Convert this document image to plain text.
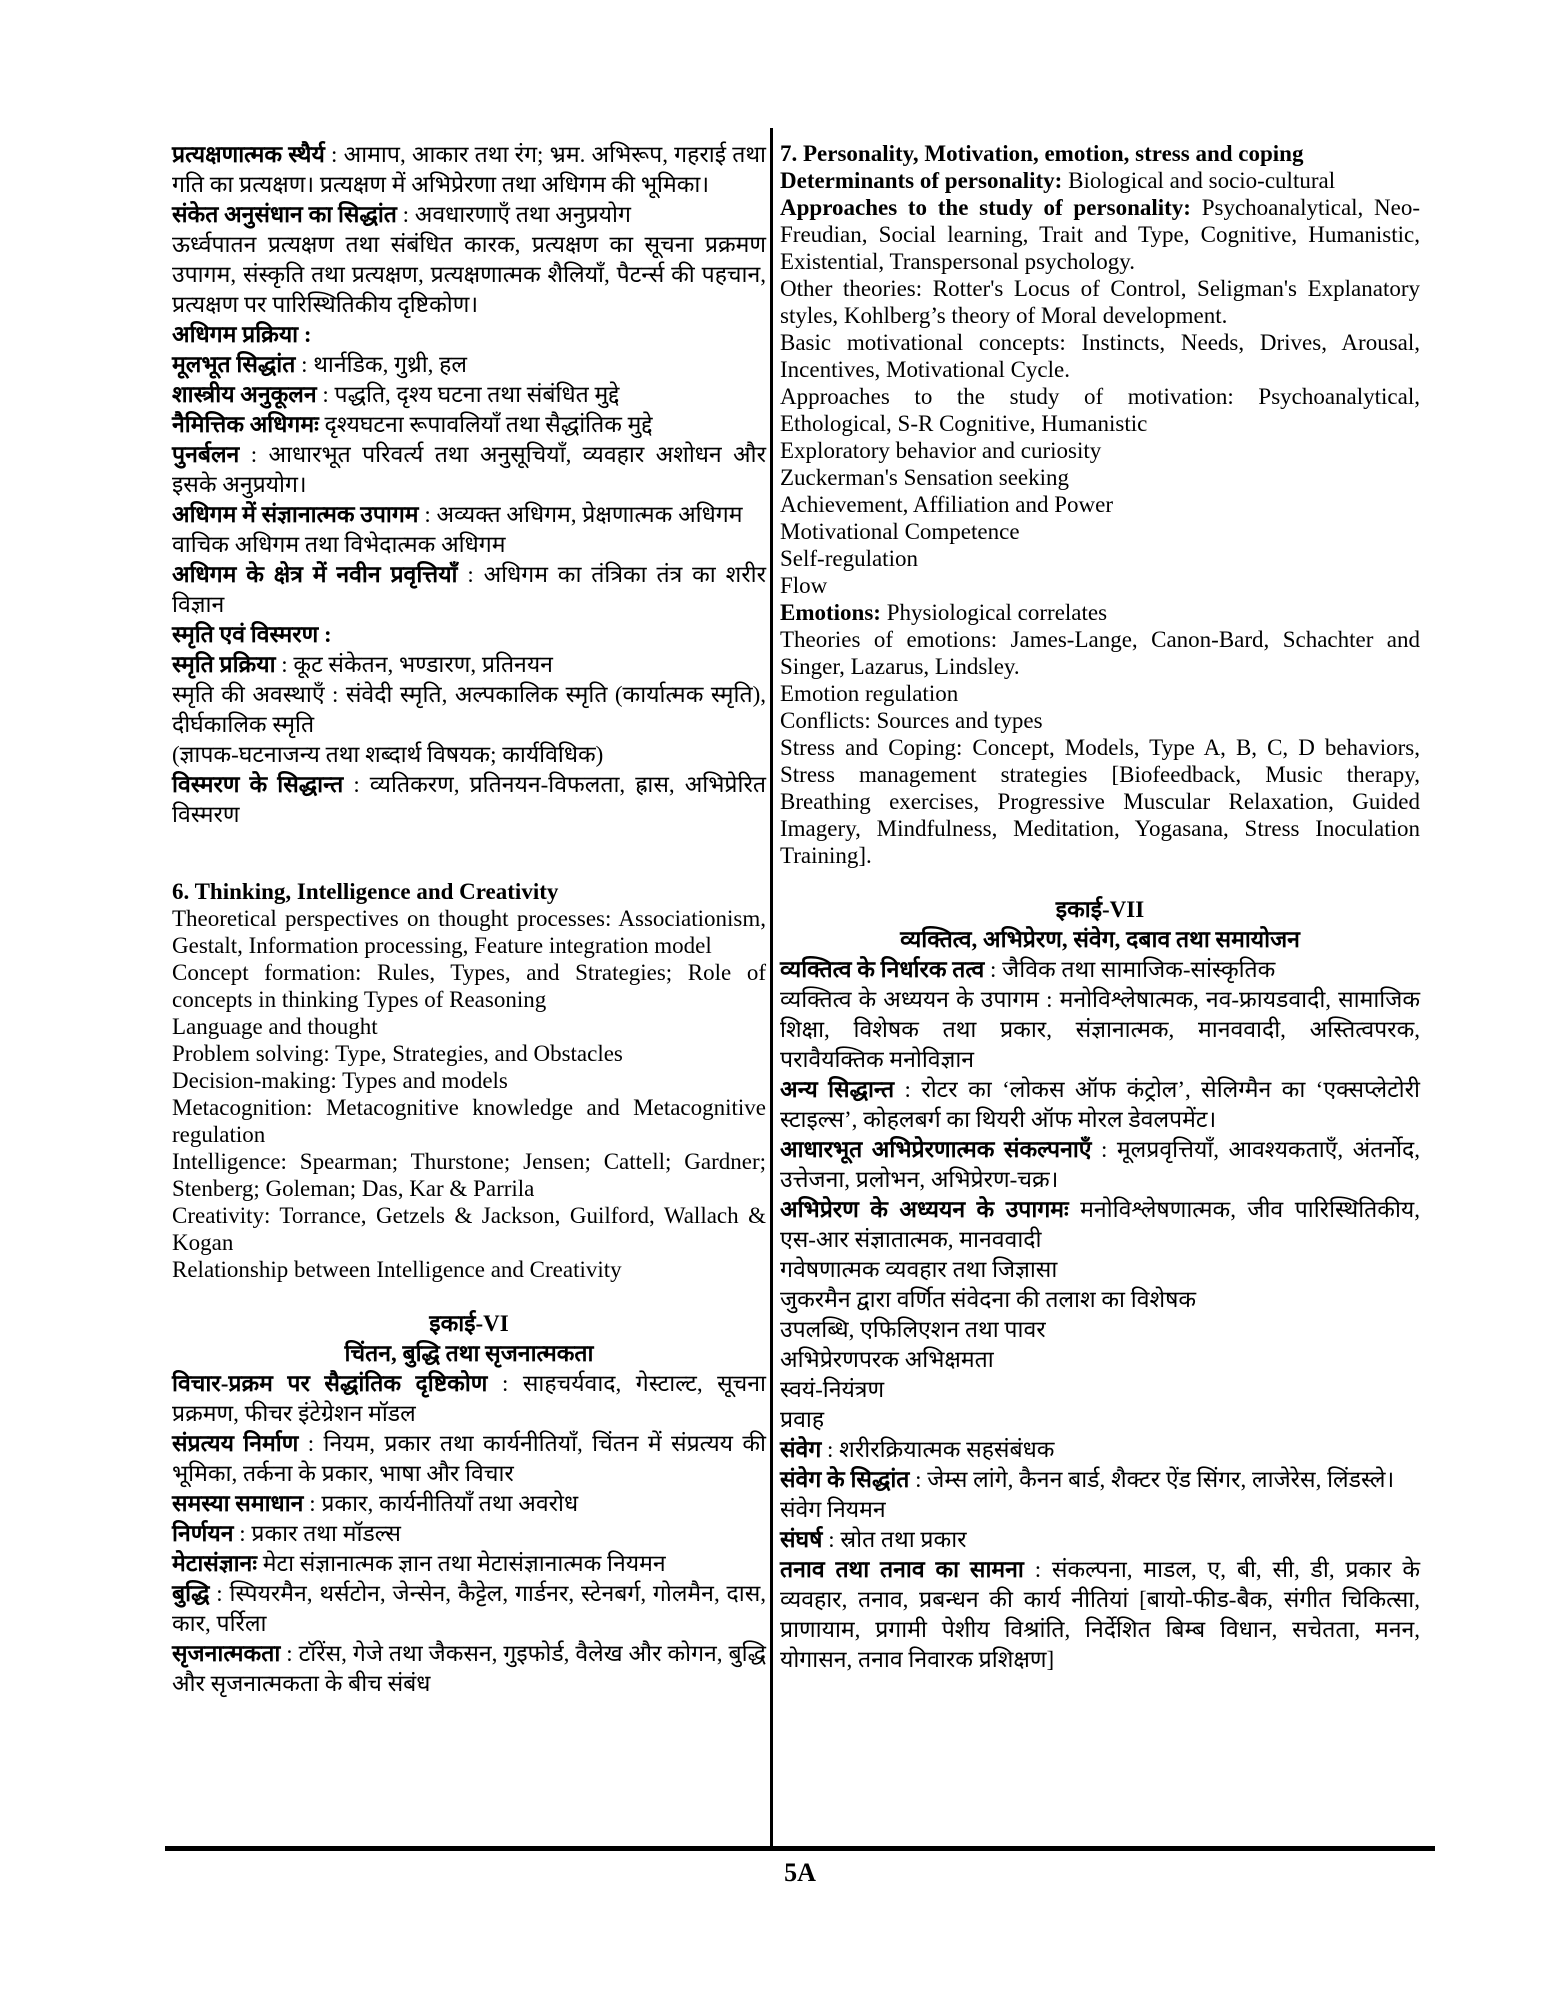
प्रत्यक्षणात्मक स्थैर्य : आमाप, आकार तथा रंग; भ्रम. अभिरूप, गहराई तथा गति का प्रत्यक्षण। प्रत्यक्षण में अभिप्रेरणा तथा अधिगम की भूमिका।

संकेत अनुसंधान का सिद्धांत : अवधारणाएँ तथा अनुप्रयोग

ऊर्ध्वपातन प्रत्यक्षण तथा संबंधित कारक, प्रत्यक्षण का सूचना प्रक्रमण उपागम, संस्कृति तथा प्रत्यक्षण, प्रत्यक्षणात्मक शैलियाँ, पैटर्न्स की पहचान, प्रत्यक्षण पर पारिस्थितिकीय दृष्टिकोण।

अधिगम प्रक्रिया :

मूलभूत सिद्धांत : थार्नडिक, गुथ्री, हल

शास्त्रीय अनुकूलन : पद्धति, दृश्य घटना तथा संबंधित मुद्दे

नैमित्तिक अधिगमः दृश्यघटना रूपावलियाँ तथा सैद्धांतिक मुद्दे

पुनर्बलन : आधारभूत परिवर्त्य तथा अनुसूचियाँ, व्यवहार अशोधन और इसके अनुप्रयोग।

अधिगम में संज्ञानात्मक उपागम : अव्यक्त अधिगम, प्रेक्षणात्मक अधिगम

वाचिक अधिगम तथा विभेदात्मक अधिगम

अधिगम के क्षेत्र में नवीन प्रवृत्तियाँ : अधिगम का तंत्रिका तंत्र का शरीर विज्ञान

स्मृति एवं विस्मरण :

स्मृति प्रक्रिया : कूट संकेतन, भण्डारण, प्रतिनयन

स्मृति की अवस्थाएँ : संवेदी स्मृति, अल्पकालिक स्मृति (कार्यात्मक स्मृति), दीर्घकालिक स्मृति

(ज्ञापक-घटनाजन्य तथा शब्दार्थ विषयक; कार्यविधिक)

विस्मरण के सिद्धान्त : व्यतिकरण, प्रतिनयन-विफलता, ह्रास, अभिप्रेरित विस्मरण

6. Thinking, Intelligence and Creativity

Theoretical perspectives on thought processes: Associationism, Gestalt, Information processing, Feature integration model

Concept formation: Rules, Types, and Strategies; Role of concepts in thinking Types of Reasoning

Language and thought

Problem solving: Type, Strategies, and Obstacles

Decision-making: Types and models

Metacognition: Metacognitive knowledge and Metacognitive regulation

Intelligence: Spearman; Thurstone; Jensen; Cattell; Gardner; Stenberg; Goleman; Das, Kar & Parrila

Creativity: Torrance, Getzels & Jackson, Guilford, Wallach & Kogan

Relationship between Intelligence and Creativity

इकाई-VI

चिंतन, बुद्धि तथा सृजनात्मकता

विचार-प्रक्रम पर सैद्धांतिक दृष्टिकोण : साहचर्यवाद, गेस्टाल्ट, सूचना प्रक्रमण, फीचर इंटेग्रेशन मॉडल

संप्रत्यय निर्माण : नियम, प्रकार तथा कार्यनीतियाँ, चिंतन में संप्रत्यय की भूमिका, तर्कना के प्रकार, भाषा और विचार

समस्या समाधान : प्रकार, कार्यनीतियाँ तथा अवरोध

निर्णयन : प्रकार तथा मॉडल्स

मेटासंज्ञानः मेटा संज्ञानात्मक ज्ञान तथा मेटासंज्ञानात्मक नियमन

बुद्धि : स्पियरमैन, थर्सटोन, जेन्सेन, कैट्टेल, गार्डनर, स्टेनबर्ग, गोलमैन, दास, कार, पर्रिला

सृजनात्मकता : टॉरेंस, गेजे तथा जैकसन, गुइफोर्ड, वैलेख और कोगन, बुद्धि और सृजनात्मकता के बीच संबंध

7. Personality, Motivation, emotion, stress and coping

Determinants of personality: Biological and socio-cultural

Approaches to the study of personality: Psychoanalytical, Neo-Freudian, Social learning, Trait and Type, Cognitive, Humanistic, Existential, Transpersonal psychology.

Other theories: Rotter's Locus of Control, Seligman's Explanatory styles, Kohlberg’s theory of Moral development.

Basic motivational concepts: Instincts, Needs, Drives, Arousal, Incentives, Motivational Cycle.

Approaches to the study of motivation: Psychoanalytical, Ethological, S-R Cognitive, Humanistic

Exploratory behavior and curiosity

Zuckerman's Sensation seeking

Achievement, Affiliation and Power

Motivational Competence

Self-regulation

Flow

Emotions: Physiological correlates

Theories of emotions: James-Lange, Canon-Bard, Schachter and Singer, Lazarus, Lindsley.

Emotion regulation

Conflicts: Sources and types

Stress and Coping: Concept, Models, Type A, B, C, D behaviors, Stress management strategies [Biofeedback, Music therapy, Breathing exercises, Progressive Muscular Relaxation, Guided Imagery, Mindfulness, Meditation, Yogasana, Stress Inoculation Training].

इकाई-VII

व्यक्तित्व, अभिप्रेरण, संवेग, दबाव तथा समायोजन

व्यक्तित्व के निर्धारक तत्व : जैविक तथा सामाजिक-सांस्कृतिक

व्यक्तित्व के अध्ययन के उपागम : मनोविश्लेषात्मक, नव-फ्रायडवादी, सामाजिक शिक्षा, विशेषक तथा प्रकार, संज्ञानात्मक, मानववादी, अस्तित्वपरक, परावैयक्तिक मनोविज्ञान

अन्य सिद्धान्त : रोटर का ‘लोकस ऑफ कंट्रोल’, सेलिग्मैन का ‘एक्सप्लेटोरी स्टाइल्स’, कोहलबर्ग का थियरी ऑफ मोरल डेवलपमेंट।

आधारभूत अभिप्रेरणात्मक संकल्पनाएँ : मूलप्रवृत्तियाँ, आवश्यकताएँ, अंतर्नोद, उत्तेजना, प्रलोभन, अभिप्रेरण-चक्र।

अभिप्रेरण के अध्ययन के उपागमः मनोविश्लेषणात्मक, जीव पारिस्थितिकीय, एस-आर संज्ञातात्मक, मानववादी

गवेषणात्मक व्यवहार तथा जिज्ञासा

जुकरमैन द्वारा वर्णित संवेदना की तलाश का विशेषक

उपलब्धि, एफिलिएशन तथा पावर

अभिप्रेरणपरक अभिक्षमता

स्वयं-नियंत्रण

प्रवाह

संवेग : शरीरक्रियात्मक सहसंबंधक

संवेग के सिद्धांत : जेम्स लांगे, कैनन बार्ड, शैक्टर ऐंड सिंगर, लाजेरेस, लिंडस्ले।

संवेग नियमन

संघर्ष : स्रोत तथा प्रकार

तनाव तथा तनाव का सामना : संकल्पना, माडल, ए, बी, सी, डी, प्रकार के व्यवहार, तनाव, प्रबन्धन की कार्य नीतियां [बायो-फीड-बैक, संगीत चिकित्सा, प्राणायाम, प्रगामी पेशीय विश्रांति, निर्देशित बिम्ब विधान, सचेतता, मनन, योगासन, तनाव निवारक प्रशिक्षण]

5A
